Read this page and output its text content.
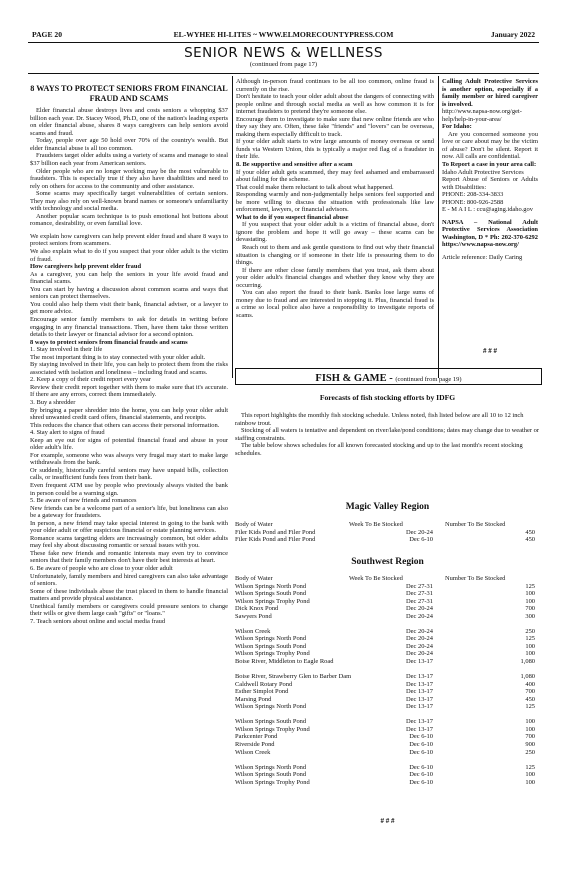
PAGE 20	EL-WYHEE HI-LITES ~ WWW.ELMORECOUNTYPRESS.COM	January 2022
SENIOR NEWS & WELLNESS
(continued from page 17)
8 WAYS TO PROTECT SENIORS FROM FINANCIAL FRAUD AND SCAMS

Elder financial abuse destroys lives and costs seniors a whopping $37 billion each year. Dr. Stacey Wood, Ph.D, one of the nation's leading experts on elder financial abuse, shares 8 ways caregivers can help seniors avoid scams and fraud.

Today, people over age 50 hold over 70% of the country's wealth. But elder financial abuse is all too common.

Fraudsters target older adults using a variety of scams and manage to steal $37 billion each year from American seniors.

Older people who are no longer working may be the most vulnerable to fraudsters. This is especially true if they also have disabilities and need to rely on others for access to the community and other assistance.

Some scams may specifically target vulnerabilities of certain seniors. They may also rely on well-known brand names or someone's unfamiliarity with technology and social media.

Another popular scam technique is to push emotional hot buttons about romance, desirability, or even familial love.

We explain how caregivers can help prevent elder fraud and share 8 ways to protect seniors from scammers.

We also explain what to do if you suspect that your older adult is the victim of fraud.

How caregivers help prevent elder fraud

As a caregiver, you can help the seniors in your life avoid fraud and financial scams.

You can start by having a discussion about common scams and ways that seniors can protect themselves.

You could also help them visit their bank, financial adviser, or a lawyer to get more advice.

Encourage senior family members to ask for details in writing before engaging in any financial transactions. Then, have them take those written details to their lawyer or financial advisor for a second opinion.

8 ways to protect seniors from financial frauds and scams

1. Stay involved in their life

The most important thing is to stay connected with your older adult.

By staying involved in their life, you can help to protect them from the risks associated with isolation and loneliness – including fraud and scams.

2. Keep a copy of their credit report every year

Review their credit report together with them to make sure that it's accurate. If there are any errors, correct them immediately.

3. Buy a shredder

By bringing a paper shredder into the home, you can help your older adult shred unwanted credit card offers, financial statements, and receipts.

This reduces the chance that others can access their personal information.

4. Stay alert to signs of fraud

Keep an eye out for signs of potential financial fraud and abuse in your older adult's life.

For example, someone who was always very frugal may start to make large withdrawals from the bank.

Or suddenly, historically careful seniors may have unpaid bills, collection calls, or insufficient funds fees from their bank.

Even frequent ATM use by people who previously always visited the bank in person could be a warning sign.

5. Be aware of new friends and romances

New friends can be a welcome part of a senior's life, but loneliness can also be a gateway for fraudsters.

In person, a new friend may take special interest in going to the bank with your older adult or offer suspicious financial or estate planning services.

Romance scams targeting elders are increasingly common, but older adults may feel shy about discussing romantic or sexual issues with you.

These fake new friends and romantic interests may even try to convince seniors that their family members don't have their best interests at heart.

6. Be aware of people who are close to your older adult

Unfortunately, family members and hired caregivers can also take advantage of seniors.

Some of these individuals abuse the trust placed in them to handle financial matters and provide physical assistance.

Unethical family members or caregivers could pressure seniors to change their wills or give them large cash "gifts" or "loans."

7. Teach seniors about online and social media fraud

Although in-person fraud continues to be all too common, online fraud is currently on the rise.

Don't hesitate to teach your older adult about the dangers of connecting with people online and through social media as well as how common it is for internet fraudsters to pretend they're someone else.

Encourage them to investigate to make sure that new online friends are who they say they are. Often, these fake "friends" and "lovers" can be overseas, making them especially difficult to track.

If your older adult starts to wire large amounts of money overseas or send funds via Western Union, this is typically a major red flag of a fraudster in their life.

8. Be supportive and sensitive after a scam

If your older adult gets scammed, they may feel ashamed and embarrassed about falling for the scheme.

That could make them reluctant to talk about what happened.

Responding warmly and non-judgmentally helps seniors feel supported and be more willing to discuss the situation with professionals like law enforcement, lawyers, or financial advisors.

What to do if you suspect financial abuse

If you suspect that your older adult is a victim of financial abuse, don't ignore the problem and hope it will go away – these scams can be devastating.

Reach out to them and ask gentle questions to find out why their financial situation is changing or if someone in their life is pressuring them to do things.

If there are other close family members that you trust, ask them about your older adult's financial changes and whether they know why they are occurring.

You can also report the fraud to their bank. Banks lose large sums of money due to fraud and are interested in stopping it. Plus, financial fraud is a crime so local police also have a responsibility to investigate reports of scams.

Calling Adult Protective Services is another option, especially if a family member or hired caregiver is involved.

http://www.napsa-now.org/get-help/help-in-your-area/

For Idaho:

Are you concerned someone you love or care about may be the victim of abuse? Don't be silent. Report it now. All calls are confidential.

To Report a case in your area call:

Idaho Adult Protective Services

Report Abuse of Seniors or Adults with Disabilities:

PHONE: 208-334-3833

PHONE: 800-926-2588

E - M A I L : ccu@aging.idaho.gov

NAPSA – National Adult Protective Services Association Washington, D * Ph: 202-370-6292 https://www.napsa-now.org/

Article reference: Daily Caring

# # #
FISH & GAME - (continued from page 19)
Forecasts of fish stocking efforts by IDFG

This report highlights the monthly fish stocking schedule. Unless noted, fish listed below are all 10 to 12 inch rainbow trout.

Stocking of all waters is tentative and dependent on river/lake/pond conditions; dates may change due to weather or staffing constraints.

The table below shows schedules for all known forecasted stocking and up to the last month's recent stocking schedules.

Magic Valley Region
Body of Water	Week To Be Stocked	Number To Be Stocked
Filer Kids Pond and Filer Pond	Dec 20-24	450
Filer Kids Pond and Filer Pond	Dec 6-10	450
Southwest Region
Body of Water	Week To Be Stocked	Number To Be Stocked
Wilson Springs North Pond	Dec 27-31	125
Wilson Springs South Pond	Dec 27-31	100
Wilson Springs Trophy Pond	Dec 27-31	100
Dick Knox Pond	Dec 20-24	700
Sawyers Pond	Dec 20-24	300
Wilson Creek	Dec 20-24	250
Wilson Springs North Pond	Dec 20-24	125
Wilson Springs South Pond	Dec 20-24	100
Wilson Springs Trophy Pond	Dec 20-24	100
Boise River, Middleton to Eagle Road	Dec 13-17	1,080
Boise River, Strawberry Glen to Barber Dam	Dec 13-17	1,080
Caldwell Rotary Pond	Dec 13-17	400
Esther Simplot Pond	Dec 13-17	700
Marsing Pond	Dec 13-17	450
Wilson Springs North Pond	Dec 13-17	125
Wilson Springs South Pond	Dec 13-17	100
Wilson Springs Trophy Pond	Dec 13-17	100
Parkcenter Pond	Dec 6-10	700
Riverside Pond	Dec 6-10	900
Wilson Creek	Dec 6-10	250
Wilson Springs North Pond	Dec 6-10	125
Wilson Springs South Pond	Dec 6-10	100
Wilson Springs Trophy Pond	Dec 6-10	100
# # #
